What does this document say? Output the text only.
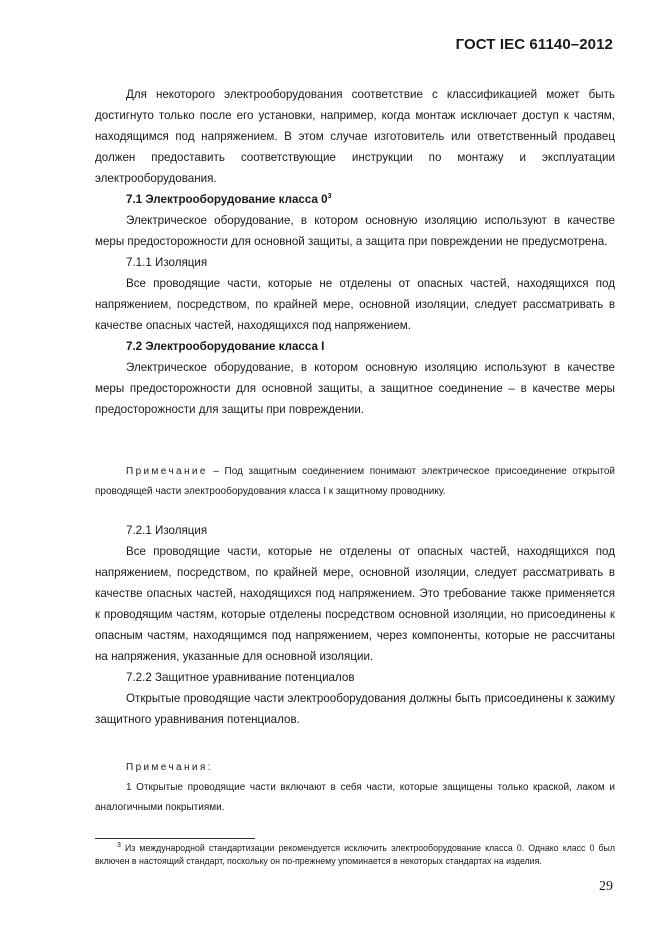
ГОСТ IEC 61140–2012

Для некоторого электрооборудования соответствие с классификацией может быть достигнуто только после его установки, например, когда монтаж исключает доступ к частям, находящимся под напряжением. В этом случае изготовитель или ответственный продавец должен предоставить соответствующие инструкции по монтажу и эксплуатации электрооборудования.

7.1 Электрооборудование класса $0^3$

Электрическое оборудование, в котором основную изоляцию используют в качестве меры предосторожности для основной защиты, а защита при повреждении не предусмотрена.

7.1.1 Изоляция

Все проводящие части, которые не отделены от опасных частей, находящихся под напряжением, посредством, по крайней мере, основной изоляции, следует рассматривать в качестве опасных частей, находящихся под напряжением.

7.2 Электрооборудование класса I

Электрическое оборудование, в котором основную изоляцию используют в качестве меры предосторожности для основной защиты, а защитное соединение – в качестве меры предосторожности для защиты при повреждении.

Примечание – Под защитным соединением понимают электрическое присоединение открытой проводящей части электрооборудования класса I к защитному проводнику.

7.2.1 Изоляция

Все проводящие части, которые не отделены от опасных частей, находящихся под напряжением, посредством, по крайней мере, основной изоляции, следует рассматривать в качестве опасных частей, находящихся под напряжением. Это требование также применяется к проводящим частям, которые отделены посредством основной изоляции, но присоединены к опасным частям, находящимся под напряжением, через компоненты, которые не рассчитаны на напряжения, указанные для основной изоляции.

7.2.2 Защитное уравнивание потенциалов

Открытые проводящие части электрооборудования должны быть присоединены к зажиму защитного уравнивания потенциалов.

Примечания:

1 Открытые проводящие части включают в себя части, которые защищены только краской, лаком и аналогичными покрытиями.

$^3$ Из международной стандартизации рекомендуется исключить электрооборудование класса 0. Однако класс 0 был включен в настоящий стандарт, поскольку он по-прежнему упоминается в некоторых стандартах на изделия.
29
